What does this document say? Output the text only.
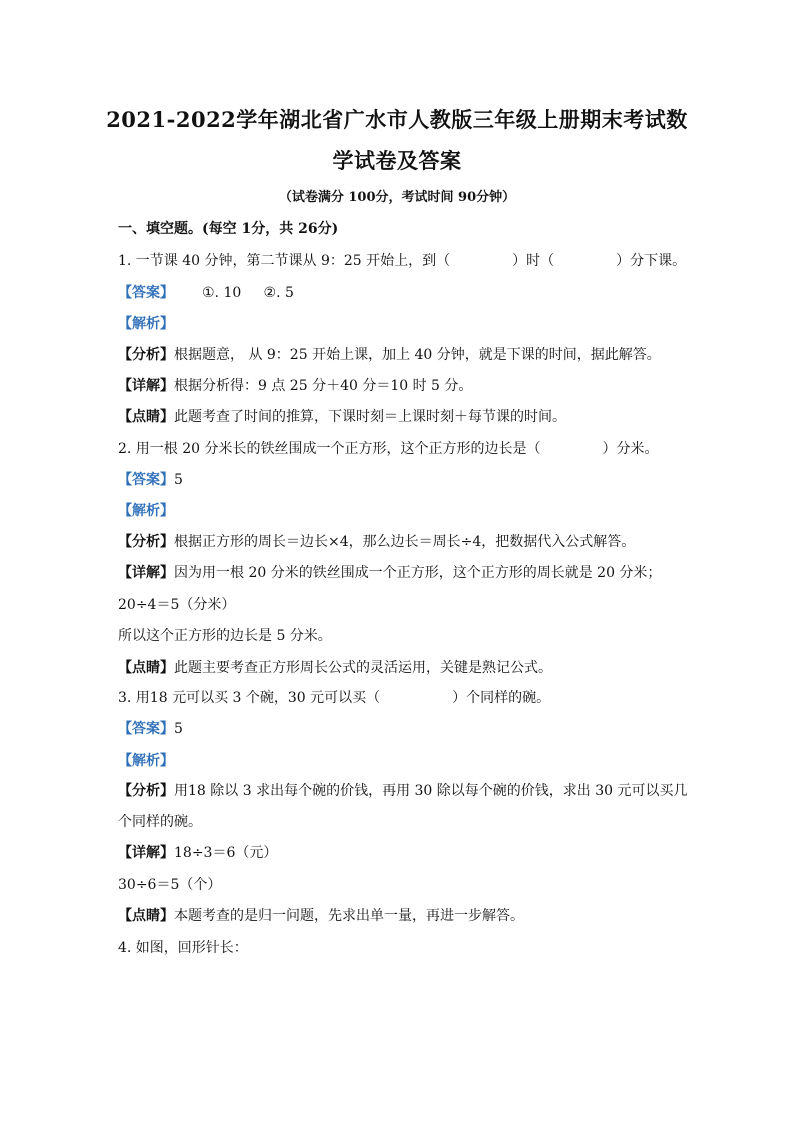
2021-2022学年湖北省广水市人教版三年级上册期末考试数
学试卷及答案
（试卷满分 100分，考试时间 90分钟）
一、填空题。(每空 1分，共 26分)
1. 一节课 40 分钟，第二节课从 9：25 开始上，到（	）时（	）分下课。
【答案】 ①. 10     ②. 5
【解析】
【分析】根据题意， 从 9：25 开始上课，加上 40 分钟，就是下课的时间，据此解答。
【详解】根据分析得：9 点 25 分＋40 分＝10 时 5 分。
【点睛】此题考查了时间的推算，下课时刻＝上课时刻＋每节课的时间。
2. 用一根 20 分米长的铁丝围成一个正方形，这个正方形的边长是（	）分米。
【答案】5
【解析】
【分析】根据正方形的周长＝边长×4，那么边长＝周长÷4，把数据代入公式解答。
【详解】因为用一根 20 分米的铁丝围成一个正方形，这个正方形的周长就是 20 分米；
20÷4＝5（分米）
所以这个正方形的边长是 5 分米。
【点睛】此题主要考查正方形周长公式的灵活运用，关键是熟记公式。
3. 用18 元可以买 3 个碗，30 元可以买（	）个同样的碗。
【答案】5
【解析】
【分析】用18 除以 3 求出每个碗的价钱，再用 30 除以每个碗的价钱，求出 30 元可以买几
个同样的碗。
【详解】18÷3＝6（元）
30÷6＝5（个）
【点睛】本题考查的是归一问题，先求出单一量，再进一步解答。
4. 如图，回形针长：
